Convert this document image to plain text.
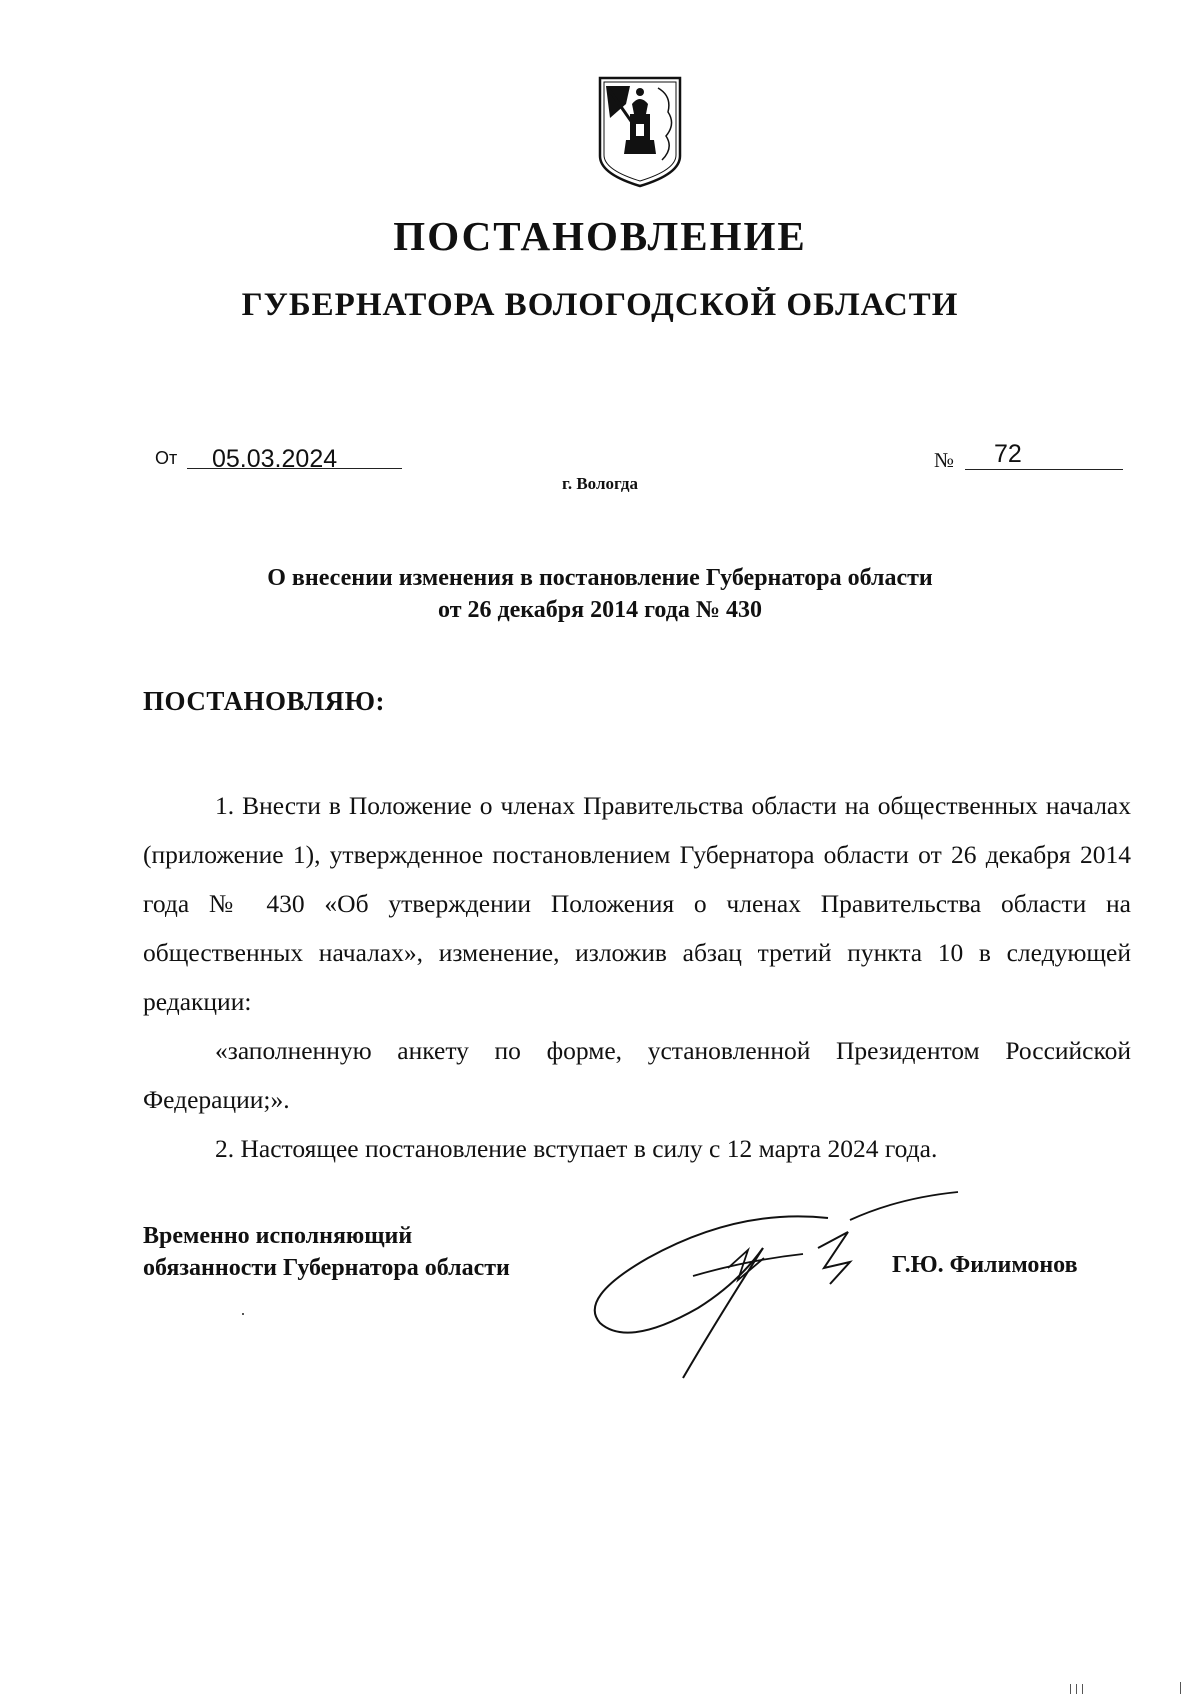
ПОСТАНОВЛЕНИЕ
ГУБЕРНАТОРА ВОЛОГОДСКОЙ ОБЛАСТИ
От 05.03.2024	№ 72
г. Вологда
О внесении изменения в постановление Губернатора области
от 26 декабря 2014 года № 430
ПОСТАНОВЛЯЮ:

1. Внести в Положение о членах Правительства области на общественных началах (приложение 1), утвержденное постановлением Губернатора области от 26 декабря 2014 года № 430 «Об утверждении Положения о членах Правительства области на общественных началах», изменение, изложив абзац третий пункта 10 в следующей редакции:

«заполненную анкету по форме, установленной Президентом Российской Федерации;».

2. Настоящее постановление вступает в силу с 12 марта 2024 года.

Временно исполняющий
обязанности Губернатора области	Г.Ю. Филимонов
